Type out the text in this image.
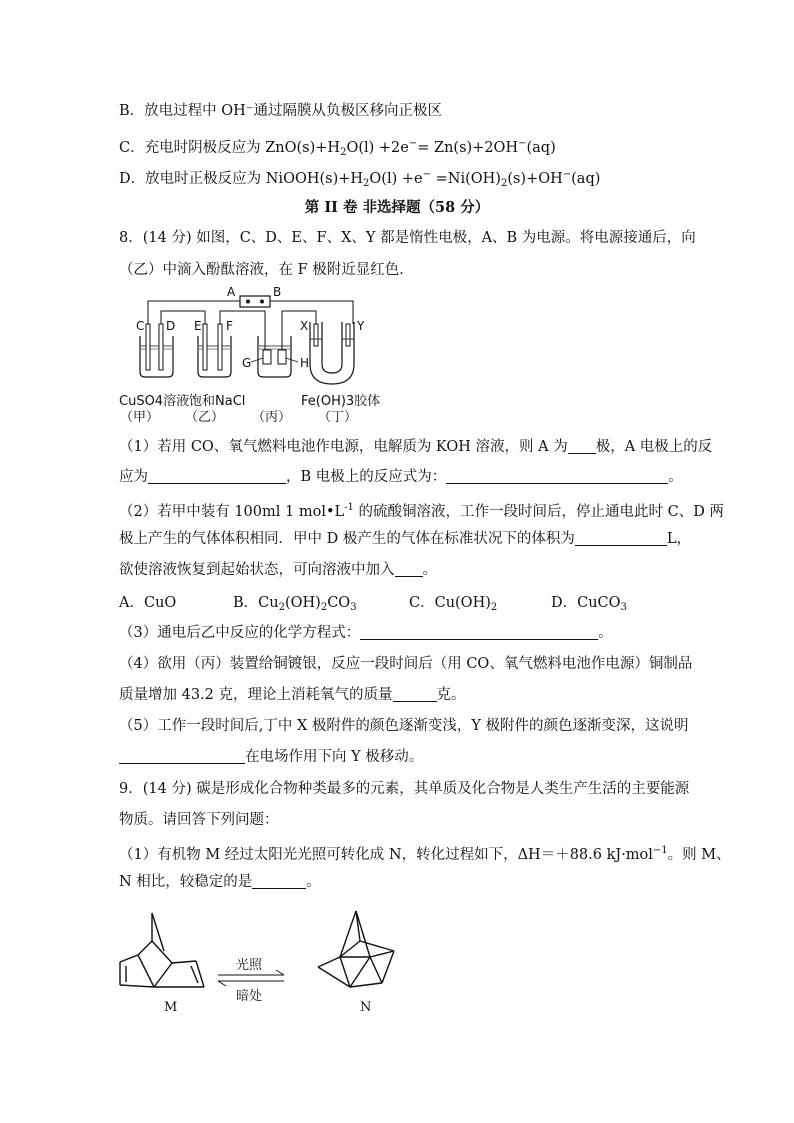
B．放电过程中 OH⁻通过隔膜从负极区移向正极区
C．充电时阴极反应为 $ZnO(s)+H_2O(l) +2e^-= Zn(s)+2OH^-(aq)$
D．放电时正极反应为 $NiOOH(s)+H_2O(l) +e^- =Ni(OH)_2(s)+OH^-(aq)$
第 II 卷 非选择题（58 分）
8．(14 分) 如图，C、D、E、F、X、Y 都是惰性电极，A、B 为电源。将电源接通后，向
（乙）中滴入酚酞溶液，在 F 极附近显红色．
A	B
C D E F
G	H
X	Y
CuSO4溶液 饱和NaCl	Fe(OH)3胶体
（甲） （乙） （丙） （丁）
（1）若用 CO、氧气燃料电池作电源，电解质为 KOH 溶液，则 A 为 极，A 电极上的反
应为	，B 电极上的反应式为：	。
（2）若甲中装有 100ml 1 $mol•L^{-1}$ 的硫酸铜溶液，工作一段时间后，停止通电此时 C、D 两
极上产生的气体体积相同．甲中 D 极产生的气体在标准状况下的体积为	L，
欲使溶液恢复到起始状态，可向溶液中加入 。
A．CuO	B．$Cu_2(OH)_2CO_3$	C．$Cu(OH)_2$	D．CuCO$_3$
（3）通电后乙中反应的化学方程式：	。
（4）欲用（丙）装置给铜镀银，反应一段时间后（用 CO、氧气燃料电池作电源）铜制品
质量增加 43.2 克，理论上消耗氧气的质量	克。
（5）工作一段时间后,丁中 X 极附件的颜色逐渐变浅，Y 极附件的颜色逐渐变深，这说明
在电场作用下向 Y 极移动。
9．(14 分) 碳是形成化合物种类最多的元素，其单质及化合物是人类生产生活的主要能源
物质。请回答下列问题：
（1）有机物 M 经过太阳光光照可转化成 N，转化过程如下，ΔH＝＋88.6 kJ·mol$^{-1}$。则 M、
N 相比，较稳定的是	。
M
光照
暗处
N
